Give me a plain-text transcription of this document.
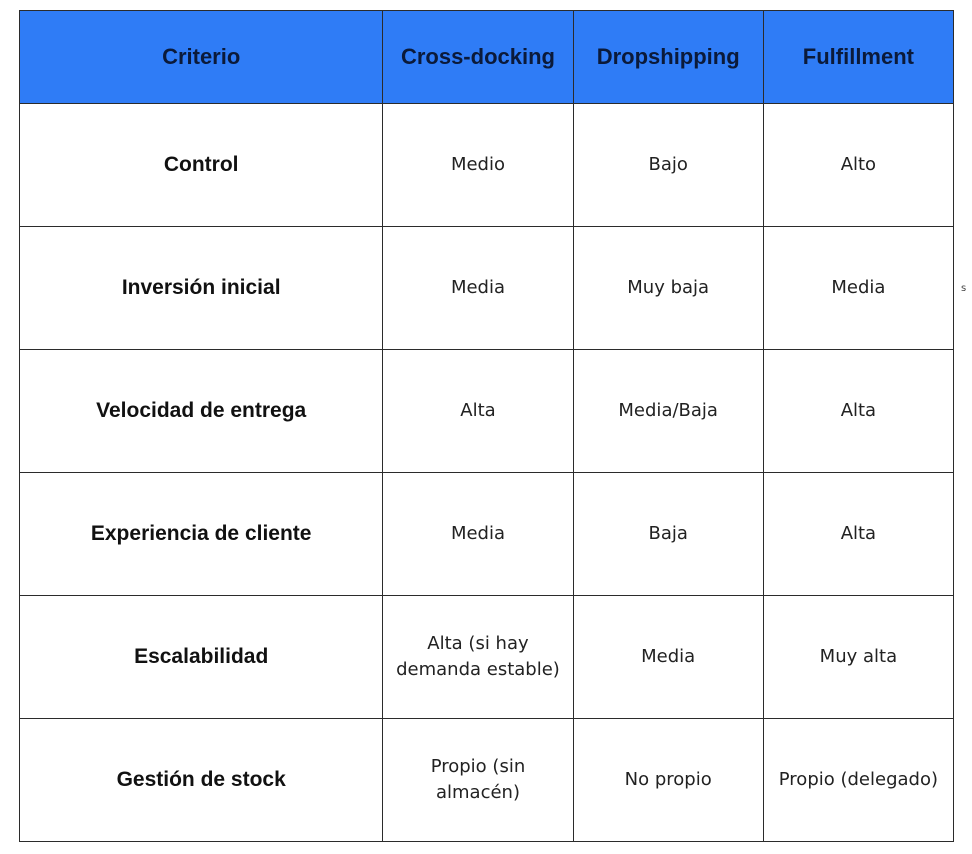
Criterio	Cross-docking	Dropshipping	Fulfillment
Control	Medio	Bajo	Alto
Inversión inicial	Media	Muy baja	Media
Velocidad de entrega	Alta	Media/Baja	Alta
Experiencia de cliente	Media	Baja	Alta
Escalabilidad	Alta (si hay demanda estable)	Media	Muy alta
Gestión de stock	Propio (sin almacén)	No propio	Propio (delegado)
s
